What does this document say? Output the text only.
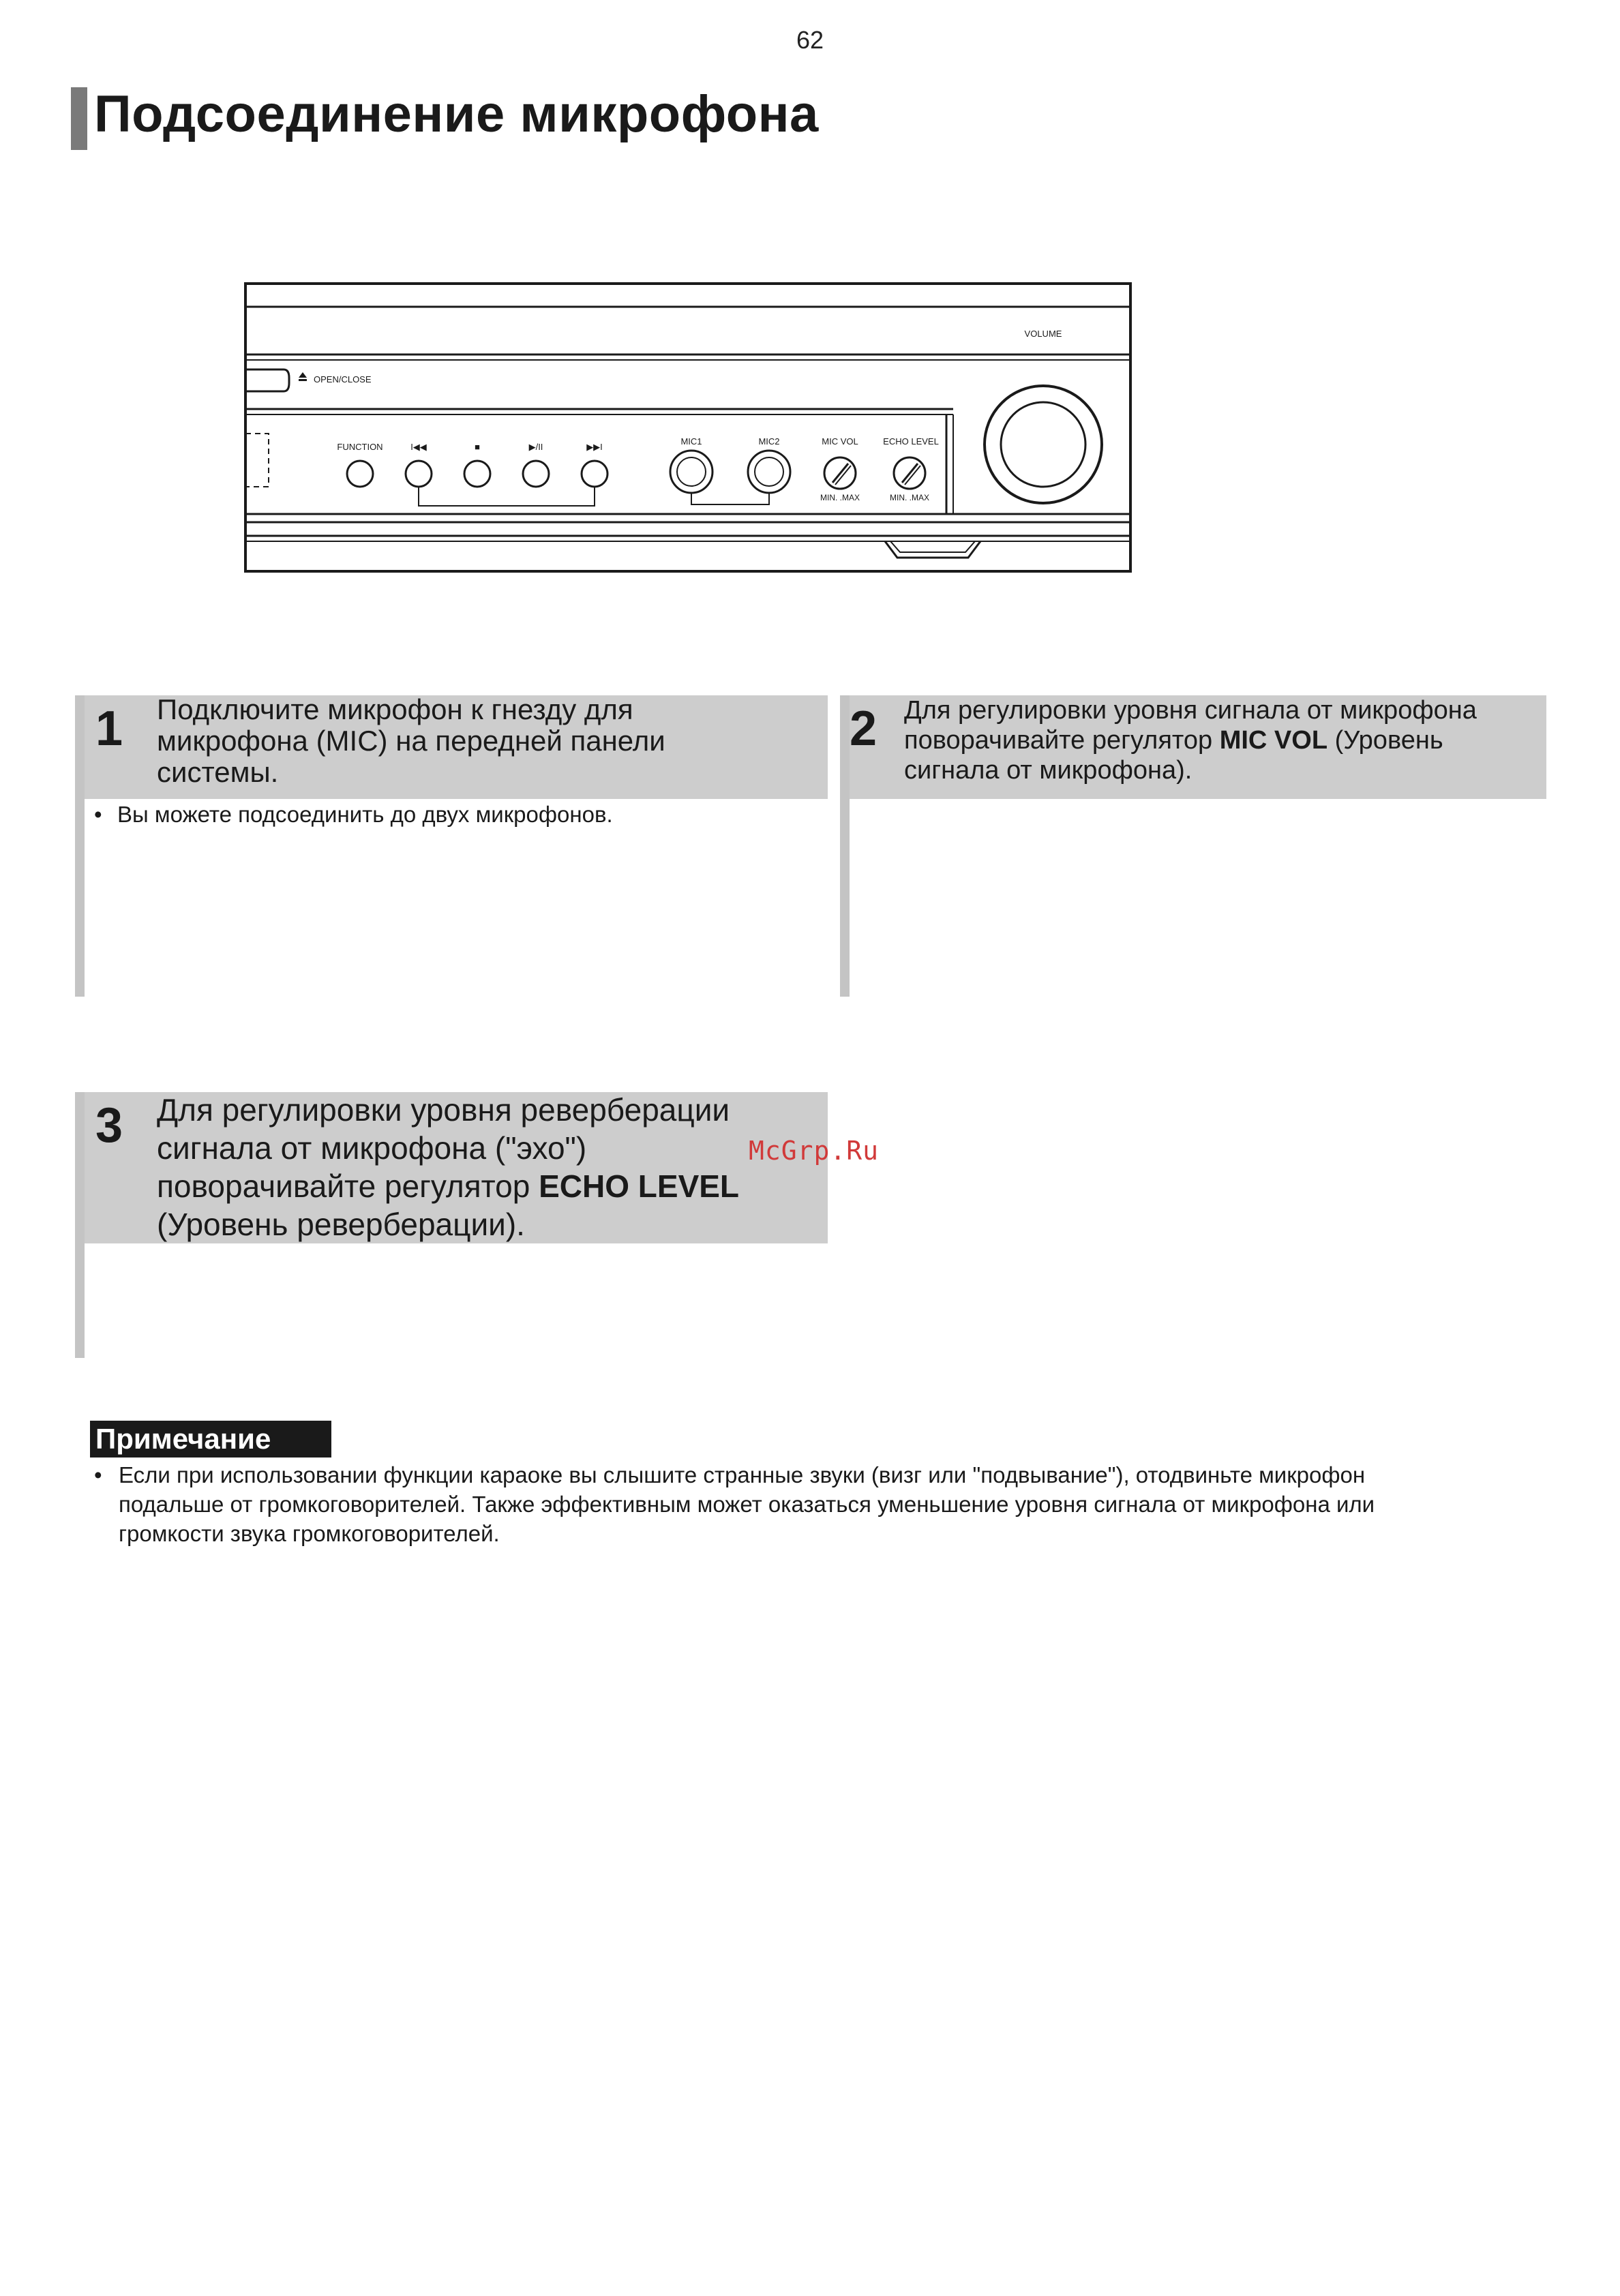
62
Подсоединение микрофона
OPEN/CLOSE
VOLUME
FUNCTION	I◀◀	■	▶/II	▶▶I
MIC1	MIC2	MIC VOL	ECHO LEVEL
MIN. .MAX	MIN. .MAX
1 Подключите микрофон к гнезду для
микрофона (MIC) на передней панели
системы.

• Вы можете подсоединить до двух микрофонов.

2 Для регулировки уровня сигнала от микрофона
поворачивайте регулятор MIC VOL (Уровень
сигнала от микрофона).

3 Для регулировки уровня реверберации
сигнала от микрофона ("эхо")
поворачивайте регулятор ECHO LEVEL
(Уровень реверберации).

McGrp.Ru
Примечание

• Если при использовании функции караоке вы слышите странные звуки (визг или "подвывание"), отодвиньте микрофон
подальше от громкоговорителей. Также эффективным может оказаться уменьшение уровня сигнала от микрофона или
громкости звука громкоговорителей.
